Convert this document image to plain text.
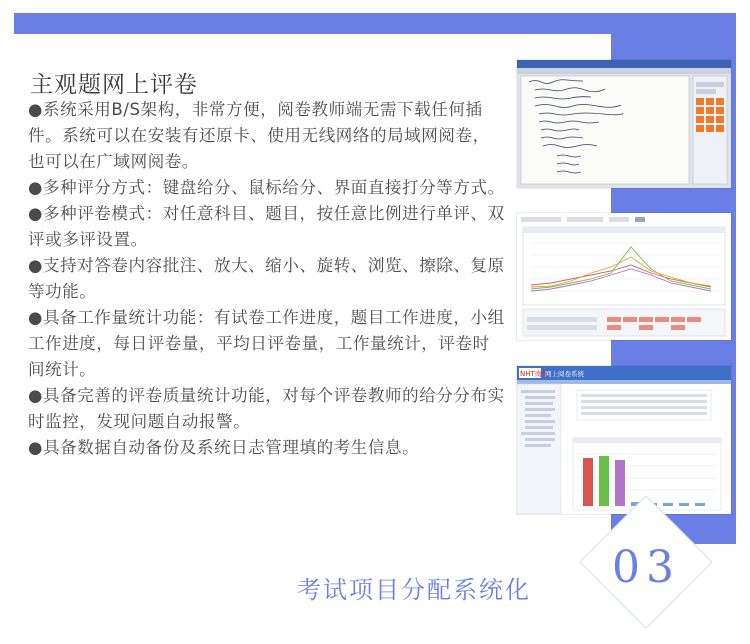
主观题网上评卷

●系统采用B/S架构，非常方便，阅卷教师端无需下载任何插件。系统可以在安装有还原卡、使用无线网络的局域网阅卷，也可以在广域网阅卷。

●多种评分方式：键盘给分、鼠标给分、界面直接打分等方式。

●多种评卷模式：对任意科目、题目，按任意比例进行单评、双评或多评设置。

●支持对答卷内容批注、放大、缩小、旋转、浏览、擦除、复原等功能。

●具备工作量统计功能：有试卷工作进度，题目工作进度，小组工作进度，每日评卷量，平均日评卷量，工作量统计，评卷时间统计。

●具备完善的评卷质量统计功能，对每个评卷教师的给分分布实时监控，发现问题自动报警。

●具备数据自动备份及系统日志管理填的考生信息。

NHT南昊
网上阅卷系统
考试项目分配系统化	03
